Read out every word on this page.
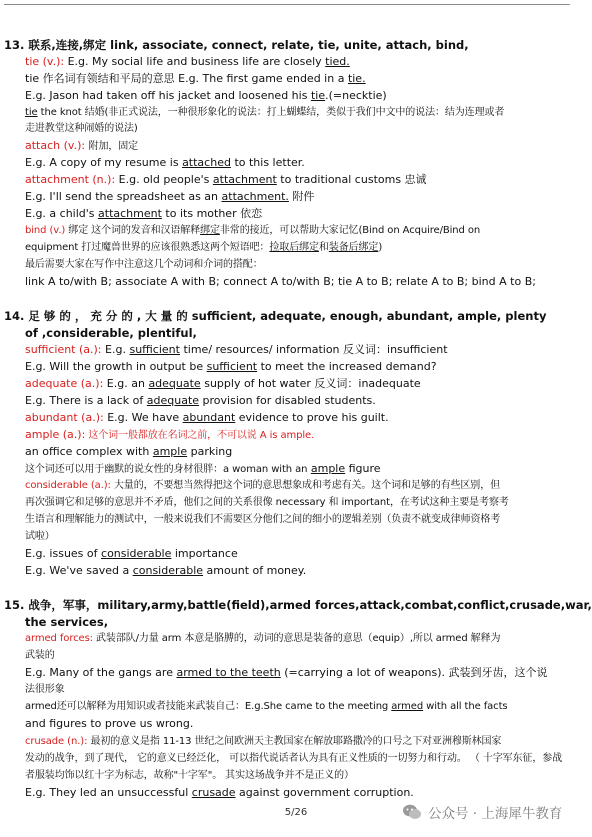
13. 联系,连接,绑定 link, associate, connect, relate, tie, unite, attach, bind,
tie (v.): E.g. My social life and business life are closely tied.
tie 作名词有领结和平局的意思 E.g. The first game ended in a tie.
E.g. Jason had taken off his jacket and loosened his tie.(=necktie)
tie the knot 结婚(非正式说法，一种很形象化的说法：打上蝴蝶结，类似于我们中文中的说法：结为连理或者
走进教堂这种闹婚的说法)
attach (v.): 附加，固定
E.g. A copy of my resume is attached to this letter.
attachment (n.): E.g. old people's attachment to traditional customs 忠诚
E.g. I'll send the spreadsheet as an attachment. 附件
E.g. a child's attachment to its mother 依恋
bind (v.) 绑定 这个词的发音和汉语解释绑定非常的接近，可以帮助大家记忆(Bind on Acquire/Bind on
equipment 打过魔兽世界的应该很熟悉这两个短语吧：捡取后绑定和装备后绑定)
最后需要大家在写作中注意这几个动词和介词的搭配：
link A to/with B; associate A with B; connect A to/with B; tie A to B; relate A to B; bind A to B;
14. 足 够 的 ， 充 分 的 , 大 量 的 sufficient, adequate, enough, abundant, ample, plenty
of ,considerable, plentiful,
sufficient (a.): E.g. sufficient time/ resources/ information 反义词：insufficient
E.g. Will the growth in output be sufficient to meet the increased demand?
adequate (a.): E.g. an adequate supply of hot water 反义词：inadequate
E.g. There is a lack of adequate provision for disabled students.
abundant (a.): E.g. We have abundant evidence to prove his guilt.
ample (a.): 这个词一般都放在名词之前，不可以说 A is ample.
an office complex with ample parking
这个词还可以用于幽默的说女性的身材很胖：a woman with an ample figure
considerable (a.): 大量的，不要想当然得把这个词的意思想象成和考虑有关。这个词和足够的有些区别，但
再次强调它和足够的意思并不矛盾，他们之间的关系很像 necessary 和 important，在考试这种主要是考察考
生语言和理解能力的测试中，一般来说我们不需要区分他们之间的细小的逻辑差别（负责不就变成律师资格考
试啦）
E.g. issues of considerable importance
E.g. We've saved a considerable amount of money.
15. 战争，军事，military,army,battle(field),armed forces,attack,combat,conflict,crusade,war,
the services,
armed forces: 武装部队/力量 arm 本意是胳膊的，动词的意思是装备的意思（equip）,所以 armed 解释为
武装的
E.g. Many of the gangs are armed to the teeth (=carrying a lot of weapons). 武装到牙齿，这个说
法很形象
armed还可以解释为用知识或者技能来武装自己：E.g.She came to the meeting armed with all the facts
and figures to prove us wrong.
crusade (n.): 最初的意义是指 11-13 世纪之间欧洲天主教国家在解放耶路撒冷的口号之下对亚洲穆斯林国家
发动的战争，到了现代， 它的意义已经泛化， 可以指代说话者认为具有正义性质的一切努力和行动。 （ 十字军东征，参战
者服装均饰以红十字为标志，故称"十字军"。 其实这场战争并不是正义的）
E.g. They led an unsuccessful crusade against government corruption.
5/26	公众号 · 上海犀牛教育
